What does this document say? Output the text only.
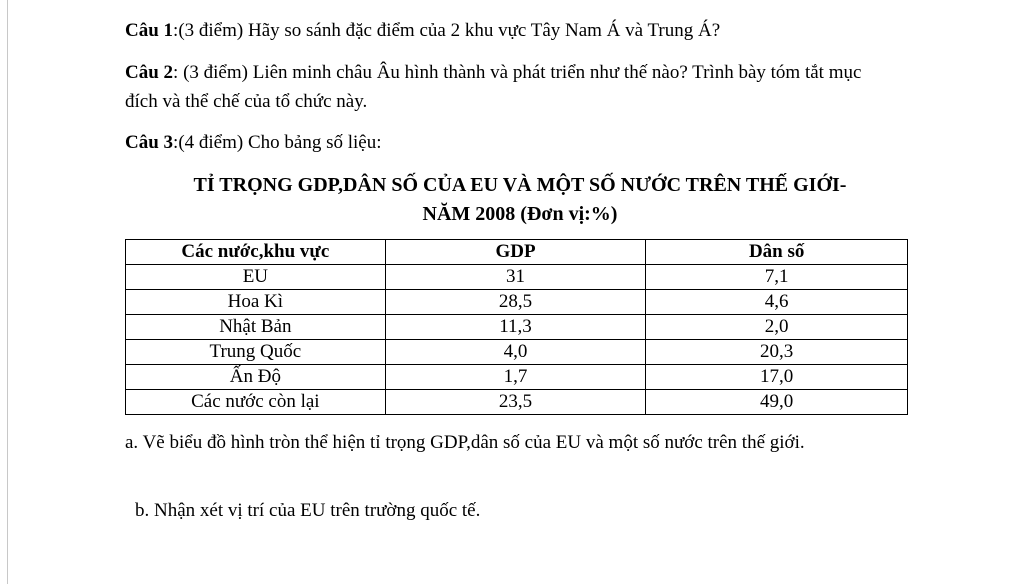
Câu 1:(3 điểm) Hãy so sánh đặc điểm của 2 khu vực Tây Nam Á và Trung Á?

Câu 2: (3 điểm) Liên minh châu Âu hình thành và phát triển như thế nào? Trình bày tóm tắt mục đích và thể chế của tổ chức này.

Câu 3:(4 điểm) Cho bảng số liệu:

TỈ TRỌNG GDP,DÂN SỐ CỦA EU VÀ MỘT SỐ NƯỚC TRÊN THẾ GIỚI-
NĂM 2008 (Đơn vị:%)
Các nước,khu vực	GDP	Dân số
EU	31	7,1
Hoa Kì	28,5	4,6
Nhật Bản	11,3	2,0
Trung Quốc	4,0	20,3
Ấn Độ	1,7	17,0
Các nước còn lại	23,5	49,0

a. Vẽ biểu đồ hình tròn thể hiện tỉ trọng GDP,dân số của EU và một số nước trên thế giới.

b. Nhận xét vị trí của EU trên trường quốc tế.
